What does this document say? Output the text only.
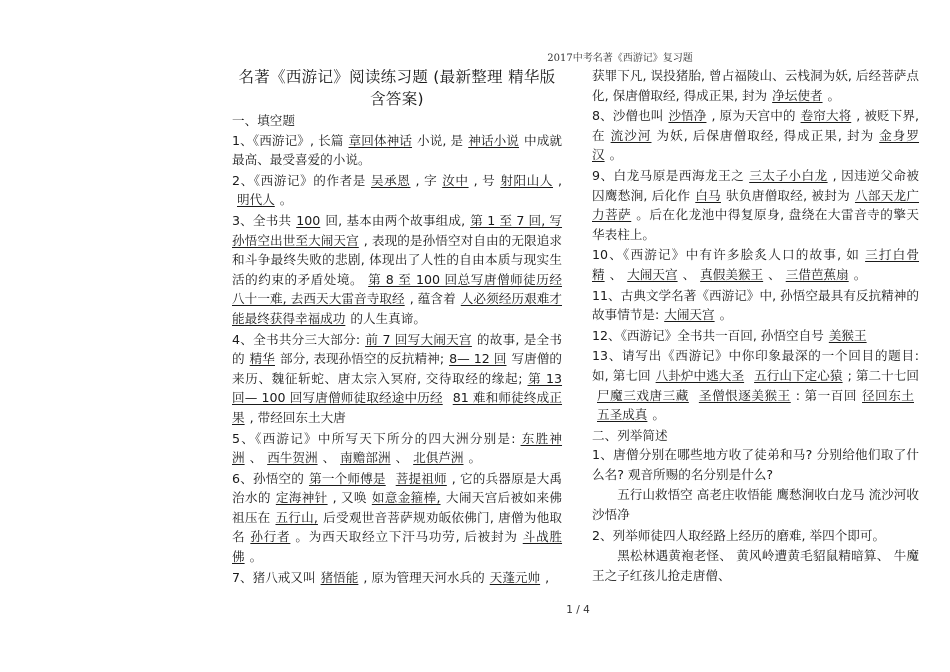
2017中考名著《西游记》复习题
名著《西游记》阅读练习题 (最新整理 精华版 含答案)
一、填空题
1、《西游记》, 长篇 章回体神话 小说, 是 神话小说 中成就最高、最受喜爱的小说。
2、《西游记》的作者是 吴承恩 , 字 汝中 , 号 射阳山人 ,明代人 。
3、全书共 100 回, 基本由两个故事组成, 第 1 至 7 回, 写孙悟空出世至大闹天宫 , 表现的是孙悟空对自由的无限追求和斗争最终失败的悲剧, 体现出了人性的自由本质与现实生活的约束的矛盾处境。 第 8 至 100 回总写唐僧师徒历经八十一难, 去西天大雷音寺取经 , 蕴含着 人必须经历艰难才能最终获得幸福成功 的人生真谛。
4、全书共分三大部分: 前 7 回写大闹天宫 的故事, 是全书的 精华 部分, 表现孙悟空的反抗精神; 8— 12 回 写唐僧的来历、魏征斩蛇、唐太宗入冥府, 交待取经的缘起; 第 13 回— 100 回写唐僧师徒取经途中历经 81 难和师徒终成正果 , 带经回东土大唐
5、《西游记》中所写天下所分的四大洲分别是: 东胜神洲 、 西牛贺洲 、 南赡部洲 、 北俱芦洲 。
6、孙悟空的 第一个师傅是 菩提祖师 , 它的兵器原是大禹治水的 定海神针 , 又唤 如意金箍棒, 大闹天宫后被如来佛祖压在 五行山, 后受观世音菩萨规劝皈依佛门, 唐僧为他取名 孙行者 。为西天取经立下汗马功劳, 后被封为 斗战胜佛 。
7、猪八戒又叫 猪悟能 , 原为管理天河水兵的 天蓬元帅 ,
获罪下凡, 误投猪胎, 曾占福陵山、云栈洞为妖, 后经菩萨点化, 保唐僧取经, 得成正果, 封为 净坛使者 。
8、沙僧也叫 沙悟净 , 原为天宫中的 卷帘大将 , 被贬下界, 在 流沙河 为妖, 后保唐僧取经, 得成正果, 封为 金身罗汉 。
9、白龙马原是西海龙王之 三太子小白龙 , 因违逆父命被囚鹰愁涧, 后化作 白马 驮负唐僧取经, 被封为 八部天龙广力菩萨 。后在化龙池中得复原身, 盘绕在大雷音寺的擎天华表柱上。
10、《西游记》中有许多脍炙人口的故事, 如 三打白骨精 、 大闹天宫 、 真假美猴王 、 三借芭蕉扇 。
11、古典文学名著《西游记》中, 孙悟空最具有反抗精神的故事情节是: 大闹天宫 。
12、《西游记》全书共一百回, 孙悟空自号 美猴王
13、请写出《西游记》中你印象最深的一个回目的题目: 如, 第七回 八卦炉中逃大圣 五行山下定心猿 ; 第二十七回尸魔三戏唐三藏 圣僧恨逐美猴王 : 第一百回 径回东土五圣成真 。
二、列举简述
1、唐僧分别在哪些地方收了徒弟和马? 分别给他们取了什么名? 观音所赐的名分别是什么?
五行山救悟空 高老庄收悟能 鹰愁涧收白龙马 流沙河收沙悟净
2、列举师徒四人取经路上经历的磨难, 举四个即可。
黑松林遇黄袍老怪、 黄风岭遭黄毛貂鼠精暗算、 牛魔王之子红孩儿抢走唐僧、
1 / 4
